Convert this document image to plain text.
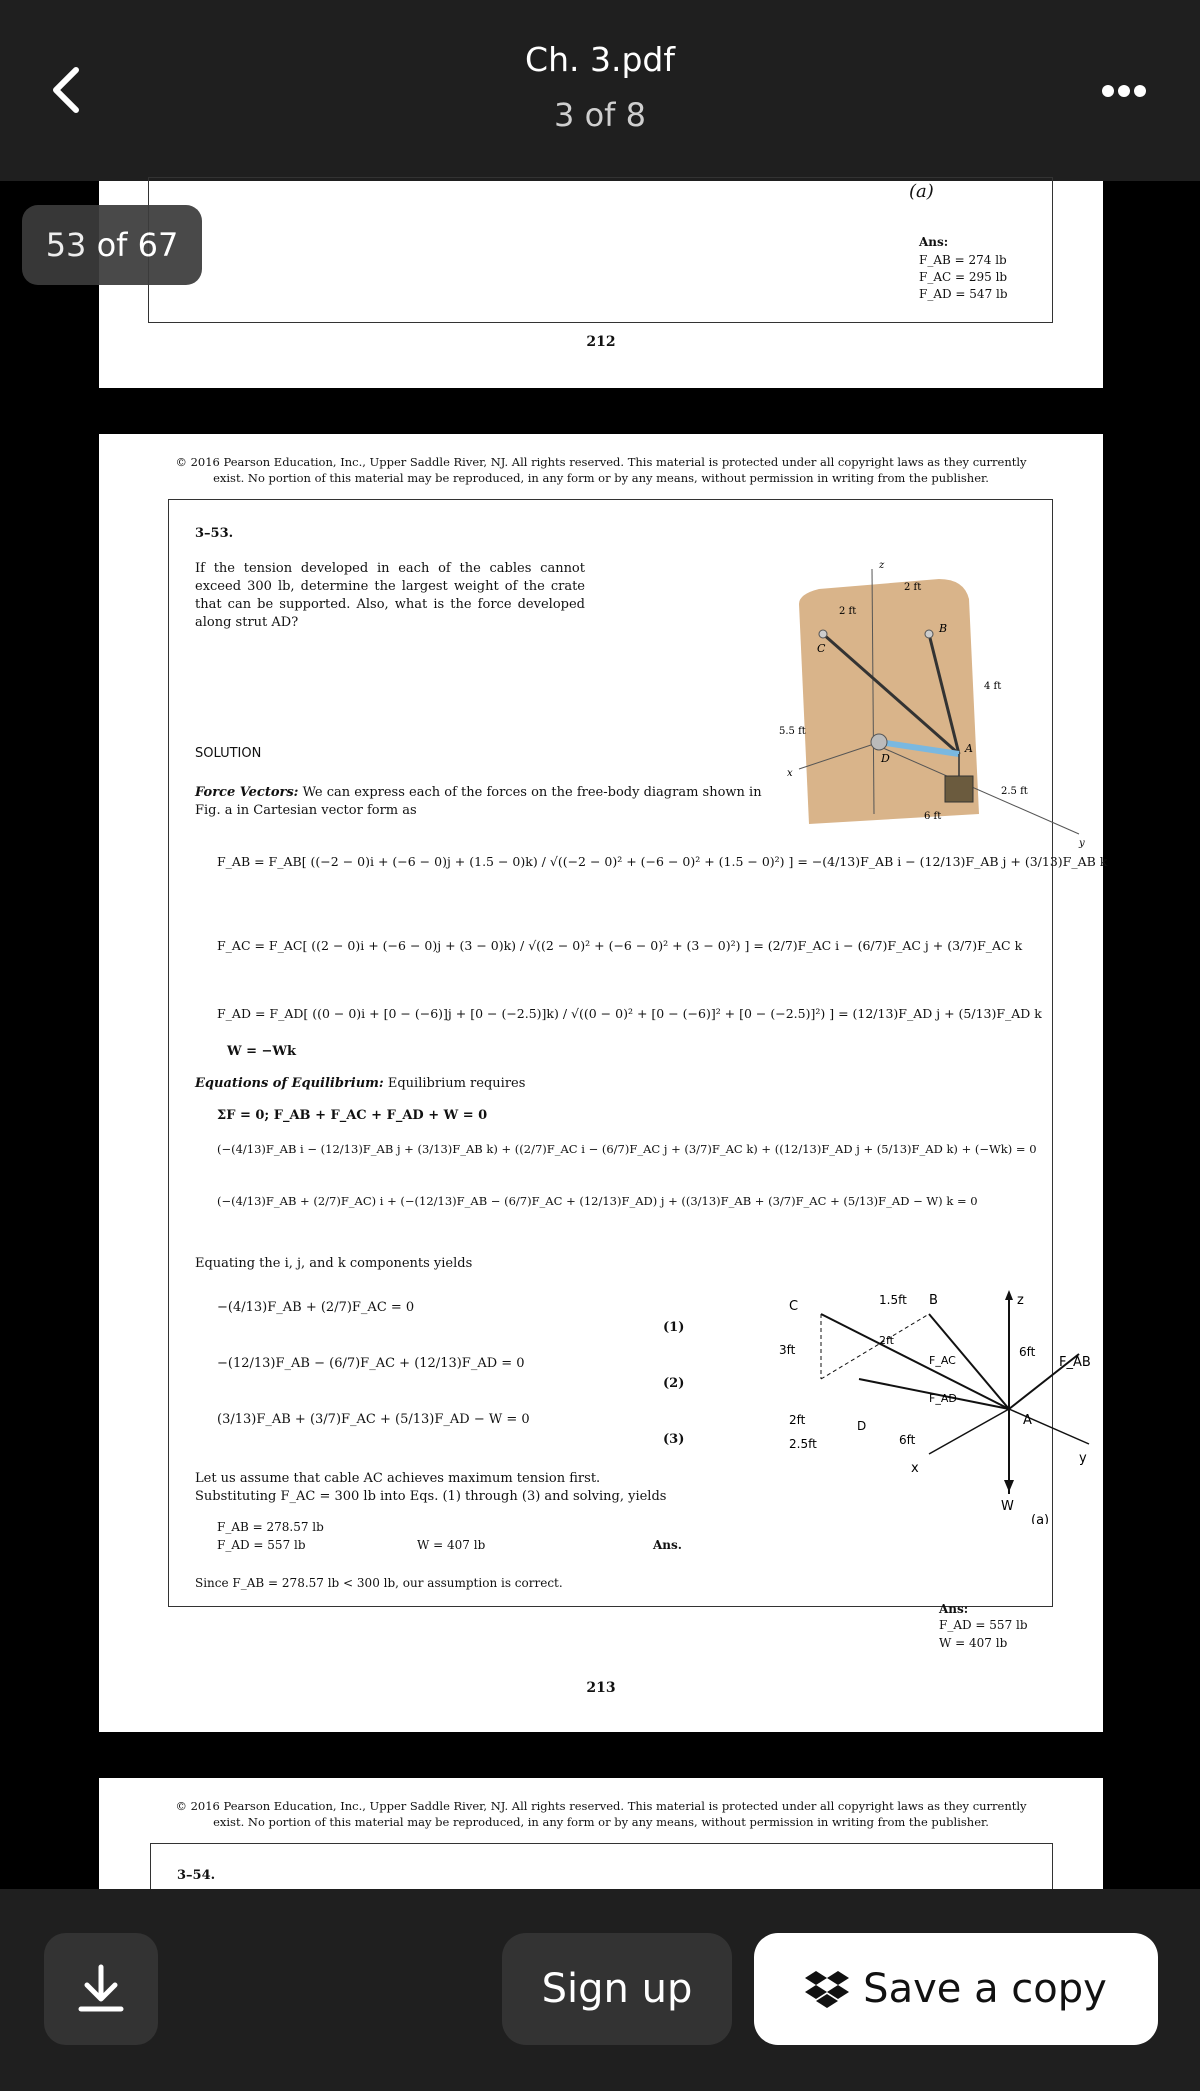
Ch. 3.pdf
3 of 8
(a)
Ans:
F_AB = 274 lb
F_AC = 295 lb
F_AD = 547 lb
212
© 2016 Pearson Education, Inc., Upper Saddle River, NJ. All rights reserved. This material is protected under all copyright laws as they currently
exist. No portion of this material may be reproduced, in any form or by any means, without permission in writing from the publisher.
3–53.
If the tension developed in each of the cables cannot exceed 300 lb, determine the largest weight of the crate that can be supported. Also, what is the force developed along strut AD?	B
C
A
D
2 ft
2 ft
4 ft
5.5 ft
2.5 ft
6 ft
z
x
y
SOLUTION
Force Vectors: We can express each of the forces on the free-body diagram shown in Fig. a in Cartesian vector form as
F_AB = F_AB[ ((−2 − 0)i + (−6 − 0)j + (1.5 − 0)k) / √((−2 − 0)² + (−6 − 0)² + (1.5 − 0)²) ] = −(4/13)F_AB i − (12/13)F_AB j + (3/13)F_AB k
F_AC = F_AC[ ((2 − 0)i + (−6 − 0)j + (3 − 0)k) / √((2 − 0)² + (−6 − 0)² + (3 − 0)²) ] = (2/7)F_AC i − (6/7)F_AC j + (3/7)F_AC k
F_AD = F_AD[ ((0 − 0)i + [0 − (−6)]j + [0 − (−2.5)]k) / √((0 − 0)² + [0 − (−6)]² + [0 − (−2.5)]²) ] = (12/13)F_AD j + (5/13)F_AD k
W = −Wk
Equations of Equilibrium: Equilibrium requires
ΣF = 0; F_AB + F_AC + F_AD + W = 0
(−(4/13)F_AB i − (12/13)F_AB j + (3/13)F_AB k) + ((2/7)F_AC i − (6/7)F_AC j + (3/7)F_AC k) + ((12/13)F_AD j + (5/13)F_AD k) + (−Wk) = 0
(−(4/13)F_AB + (2/7)F_AC) i + (−(12/13)F_AB − (6/7)F_AC + (12/13)F_AD) j + ((3/13)F_AB + (3/7)F_AC + (5/13)F_AD − W) k = 0
Equating the i, j, and k components yields
−(4/13)F_AB + (2/7)F_AC = 0
−(12/13)F_AB − (6/7)F_AC + (12/13)F_AD = 0
(3/13)F_AB + (3/7)F_AC + (5/13)F_AD − W = 0
(1)
(2)
(3)
C	1.5ft B	z
3ft
2ft
6ft
F_AB
F_AC
F_AD
2ft	D
2.5ft	6ft
A
x
y
W
(a)
Let us assume that cable AC achieves maximum tension first. Substituting F_AC = 300 lb into Eqs. (1) through (3) and solving, yields
F_AB = 278.57 lb
F_AD = 557 lb	W = 407 lb	Ans.
Since F_AB = 278.57 lb < 300 lb, our assumption is correct.
Ans:
213
F_AD = 557 lb
W = 407 lb
© 2016 Pearson Education, Inc., Upper Saddle River, NJ. All rights reserved. This material is protected under all copyright laws as they currently
exist. No portion of this material may be reproduced, in any form or by any means, without permission in writing from the publisher.
3–54.
53 of 67
Sign up	Save a copy
